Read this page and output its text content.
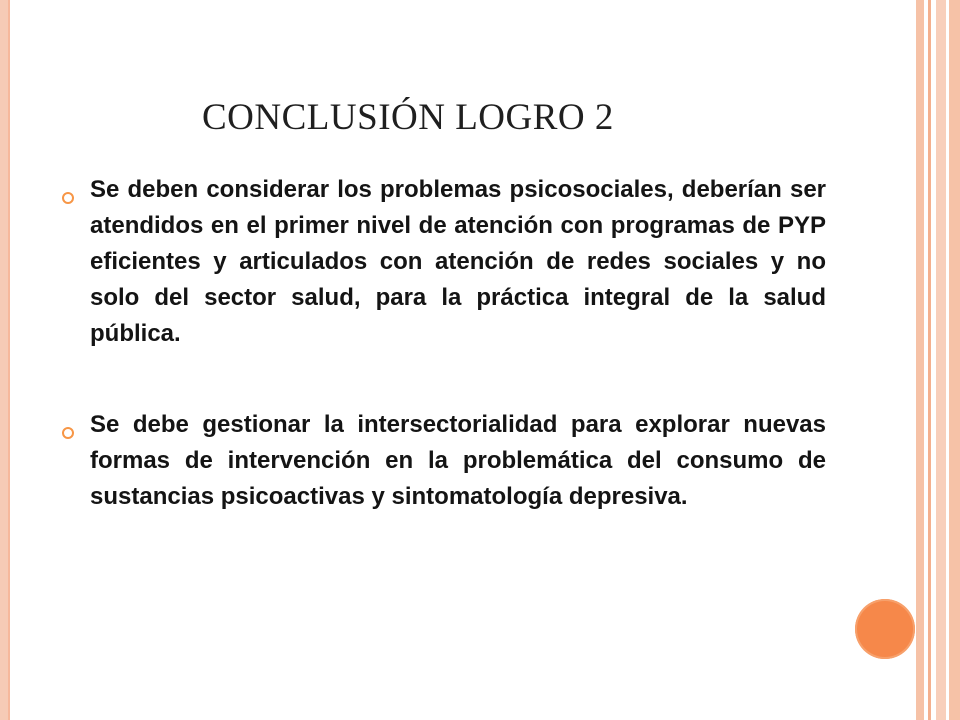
CONCLUSIÓN LOGRO 2

Se deben considerar los problemas psicosociales, deberían ser atendidos en el primer nivel de atención con programas de PYP eficientes y articulados con atención de redes sociales y no solo del sector salud, para la práctica integral de la salud pública.

Se debe gestionar la intersectorialidad para explorar nuevas formas de intervención en la problemática del consumo de sustancias psicoactivas y sintomatología depresiva.
